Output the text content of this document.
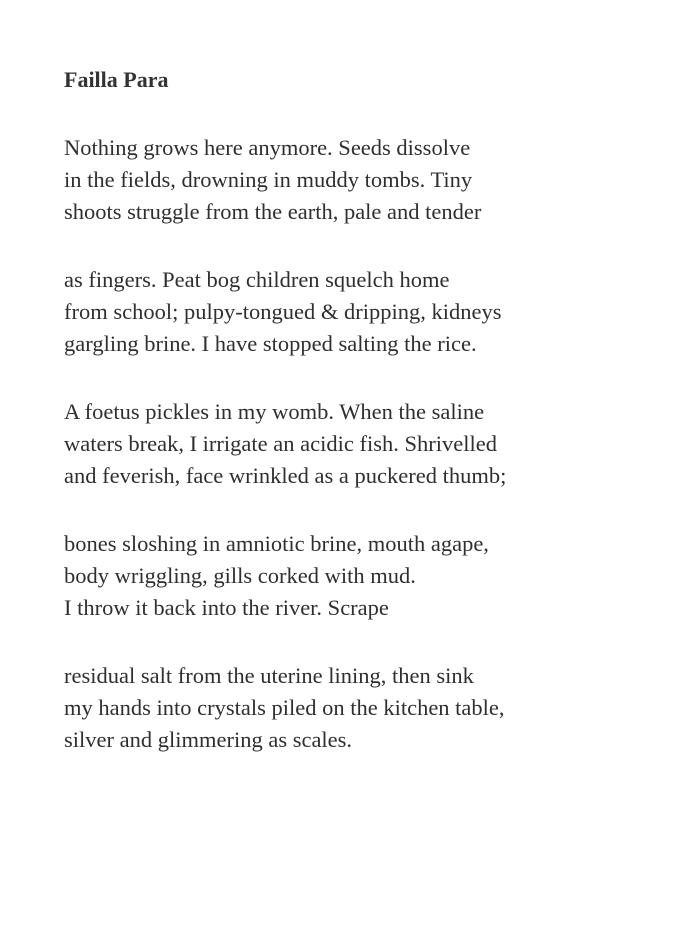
Failla Para
Nothing grows here anymore. Seeds dissolve
in the fields, drowning in muddy tombs. Tiny
shoots struggle from the earth, pale and tender
as fingers. Peat bog children squelch home
from school; pulpy-tongued & dripping, kidneys
gargling brine. I have stopped salting the rice.
A foetus pickles in my womb. When the saline
waters break, I irrigate an acidic fish. Shrivelled
and feverish, face wrinkled as a puckered thumb;
bones sloshing in amniotic brine, mouth agape,
body wriggling, gills corked with mud.
I throw it back into the river. Scrape
residual salt from the uterine lining, then sink
my hands into crystals piled on the kitchen table,
silver and glimmering as scales.
